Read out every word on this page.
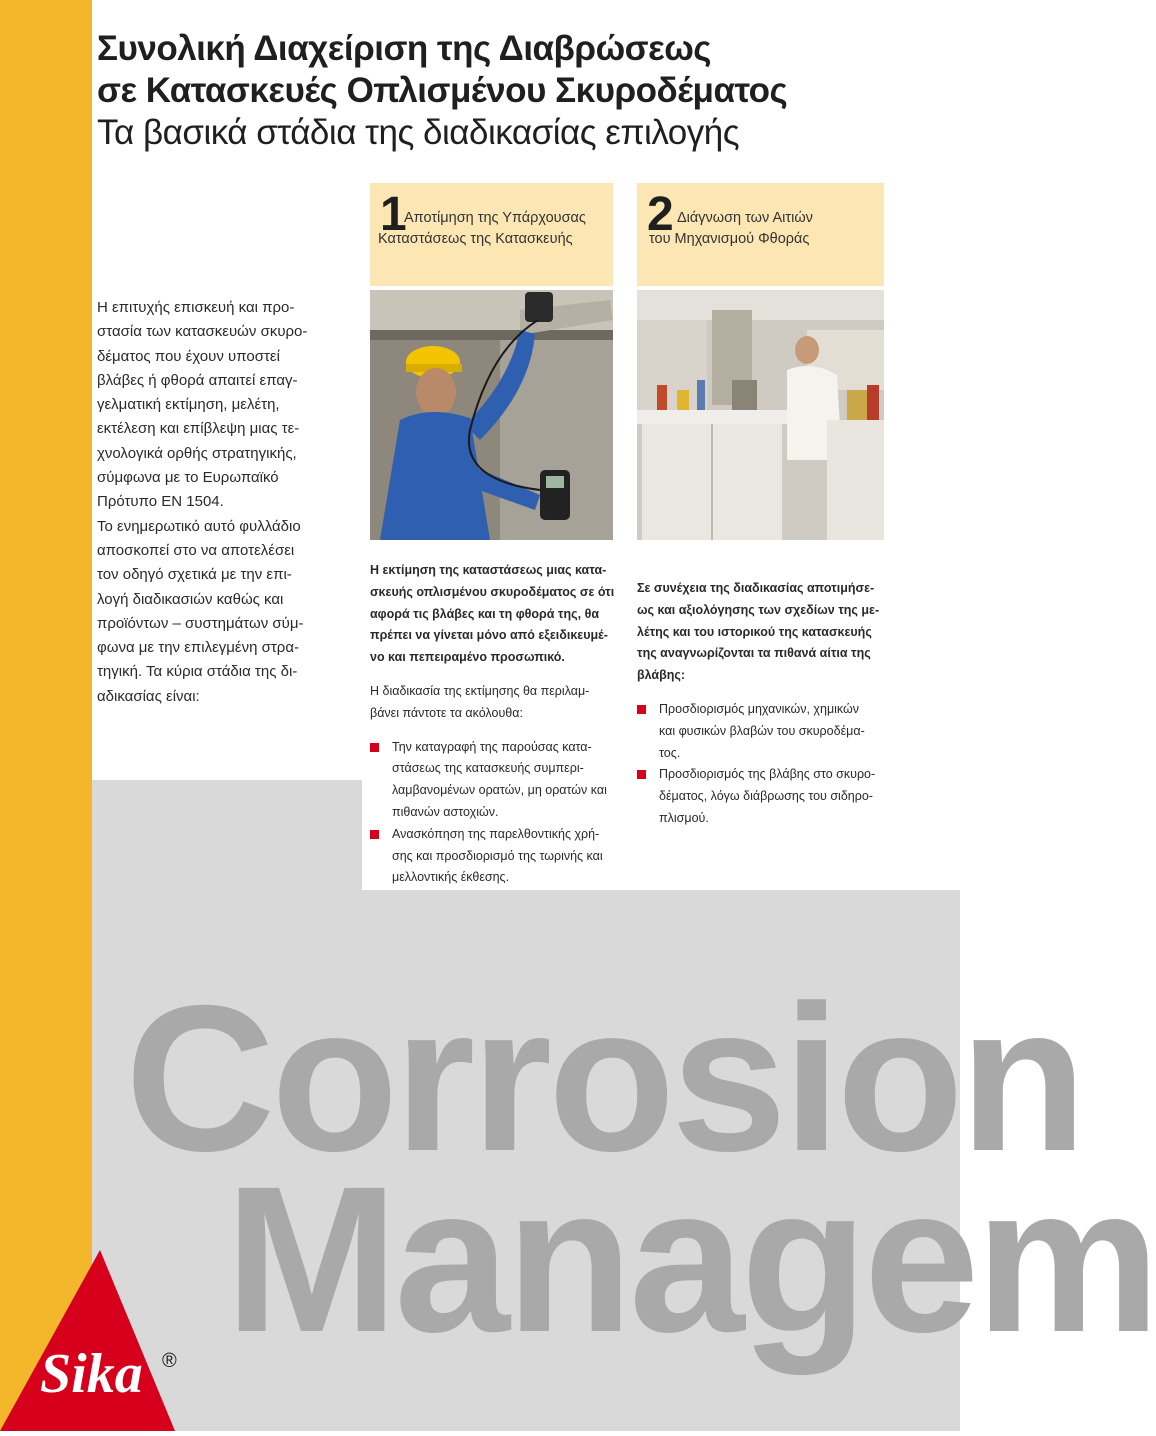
Corrosion
Managem
Συνολική Διαχείριση της Διαβρώσεως
σε Κατασκευές Οπλισμένου Σκυροδέματος
Τα βασικά στάδια της διαδικασίας επιλογής
1
Αποτίμηση της Υπάρχουσας
Καταστάσεως της Κατασκευής 2 Διάγνωση των Αιτιών
του Μηχανισμού Φθοράς

Η επιτυχής επισκευή και προ-

στασία των κατασκευών σκυρο-

δέματος που έχουν υποστεί

βλάβες ή φθορά απαιτεί επαγ-

γελματική εκτίμηση, μελέτη,

εκτέλεση και επίβλεψη μιας τε-

χνολογικά ορθής στρατηγικής,

σύμφωνα με το Ευρωπαϊκό

Πρότυπο ΕΝ 1504.

Το ενημερωτικό αυτό φυλλάδιο

αποσκοπεί στο να αποτελέσει

τον οδηγό σχετικά με την επι-

λογή διαδικασιών καθώς και

προϊόντων – συστημάτων σύμ-

φωνα με την επιλεγμένη στρα-

τηγική. Τα κύρια στάδια της δι-

αδικασίας είναι:

Η εκτίμηση της καταστάσεως μιας κατα-

σκευής οπλισμένου σκυροδέματος σε ότι

αφορά τις βλάβες και τη φθορά της, θα

πρέπει να γίνεται μόνο από εξειδικευμέ-

νο και πεπειραμένο προσωπικό.

Η διαδικασία της εκτίμησης θα περιλαμ-

βάνει πάντοτε τα ακόλουθα:

Την καταγραφή της παρούσας κατα-

στάσεως της κατασκευής συμπερι-

λαμβανομένων ορατών, μη ορατών και

πιθανών αστοχιών.

Ανασκόπηση της παρελθοντικής χρή-

σης και προσδιορισμό της τωρινής και

μελλοντικής έκθεσης.

Σε συνέχεια της διαδικασίας αποτιμήσε-

ως και αξιολόγησης των σχεδίων της με-

λέτης και του ιστορικού της κατασκευής

της αναγνωρίζονται τα πιθανά αίτια της

βλάβης:

Προσδιορισμός μηχανικών, χημικών

και φυσικών βλαβών του σκυροδέμα-

τος.

Προσδιορισμός της βλάβης στο σκυρο-

δέματος, λόγω διάβρωσης του σιδηρο-

πλισμού.

Sika ®
